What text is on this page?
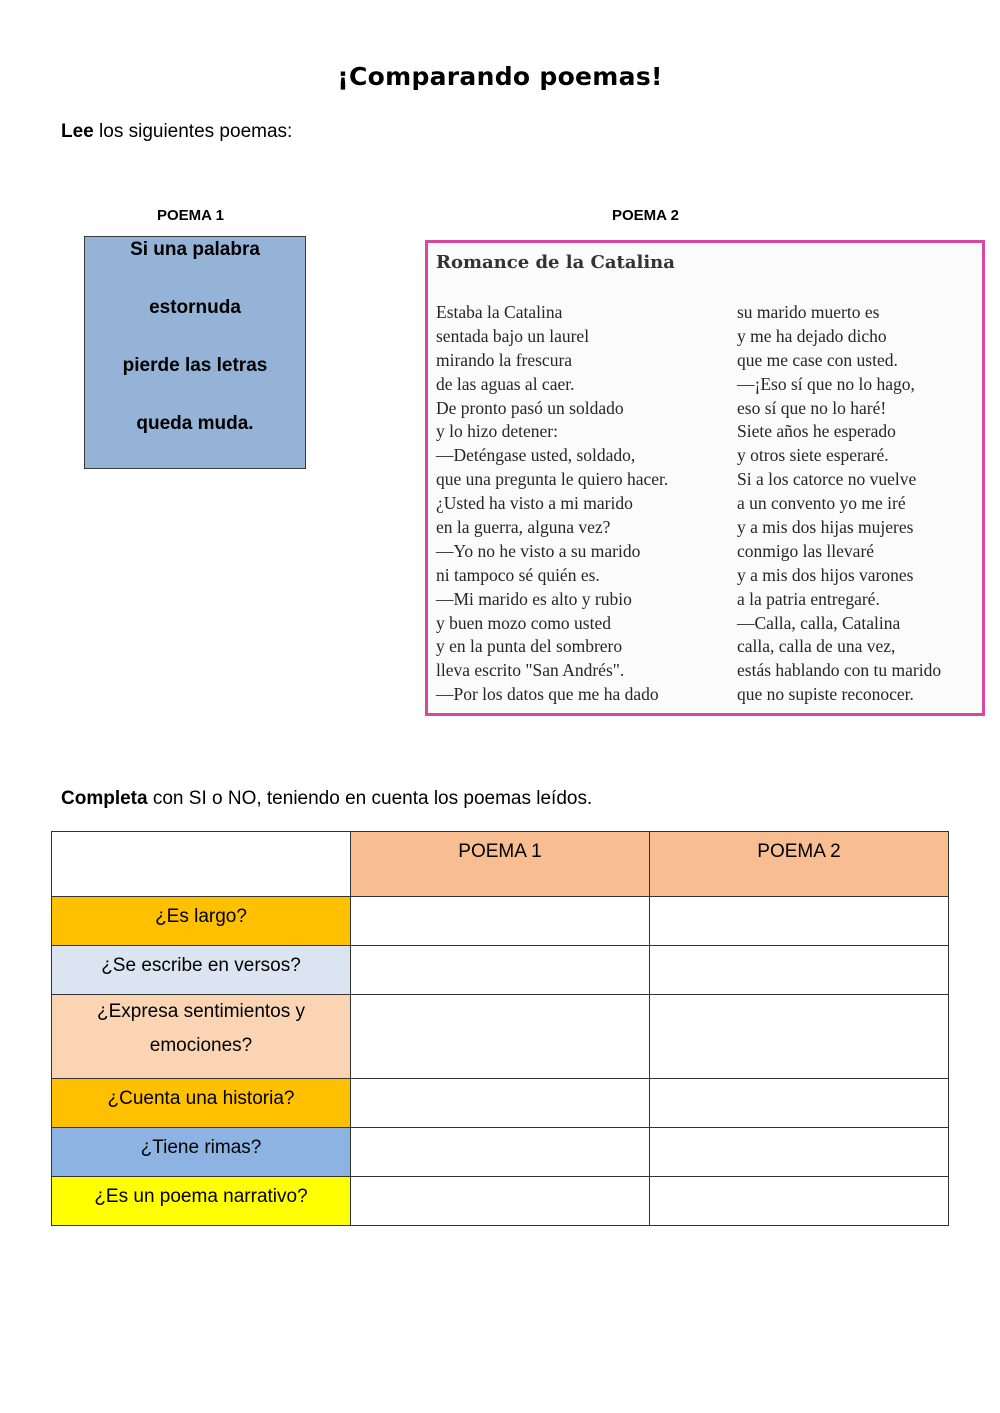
¡Comparando poemas!
Lee los siguientes poemas:
POEMA 1	POEMA 2
Si una palabra
estornuda
pierde las letras
queda muda.
Romance de la Catalina
Estaba la Catalina
sentada bajo un laurel
mirando la frescura
de las aguas al caer.
De pronto pasó un soldado
y lo hizo detener:
—Deténgase usted, soldado,
que una pregunta le quiero hacer.
¿Usted ha visto a mi marido
en la guerra, alguna vez?
—Yo no he visto a su marido
ni tampoco sé quién es.
—Mi marido es alto y rubio
y buen mozo como usted
y en la punta del sombrero
lleva escrito "San Andrés".
—Por los datos que me ha dado
su marido muerto es
y me ha dejado dicho
que me case con usted.
—¡Eso sí que no lo hago,
eso sí que no lo haré!
Siete años he esperado
y otros siete esperaré.
Si a los catorce no vuelve
a un convento yo me iré
y a mis dos hijas mujeres
conmigo las llevaré
y a mis dos hijos varones
a la patria entregaré.
—Calla, calla, Catalina
calla, calla de una vez,
estás hablando con tu marido
que no supiste reconocer.
Completa con SI o NO, teniendo en cuenta los poemas leídos.

	POEMA 1	POEMA 2

¿Es largo?		

¿Se escribe en versos?		

¿Expresa sentimientos y emociones?		

¿Cuenta una historia?		

¿Tiene rimas?		

¿Es un poema narrativo?		
